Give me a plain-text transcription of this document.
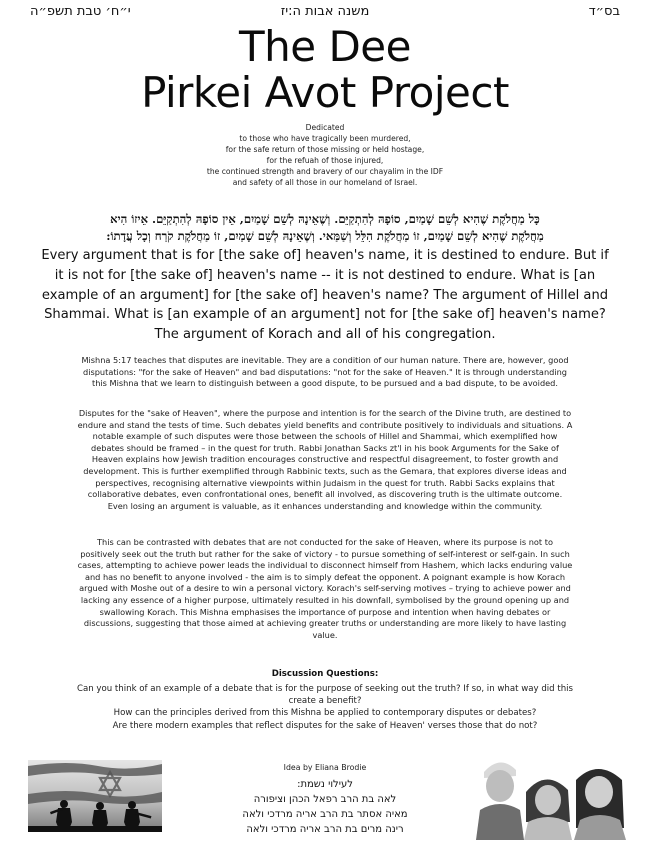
י״ח׳ טבת תשפ״ה	משנה אבות ה:יז	בס״ד
The Dee
Pirkei Avot Project
Dedicated
to those who have tragically been murdered,
for the safe return of those missing or held hostage,
for the refuah of those injured,
the continued strength and bravery of our chayalim in the IDF
and safety of all those in our homeland of Israel.
כָּל מַחֲלֹקֶת שֶׁהִיא לְשֵׁם שָׁמַיִם, סוֹפָהּ לְהִתְקַיֵּם. וְשֶׁאֵינָהּ לְשֵׁם שָׁמַיִם, אֵין סוֹפָהּ לְהִתְקַיֵּם. אֵיזוֹ הִיא
מַחֲלֹקֶת שֶׁהִיא לְשֵׁם שָׁמַיִם, זוֹ מַחֲלֹקֶת הִלֵּל וְשַׁמַּאי. וְשֶׁאֵינָהּ לְשֵׁם שָׁמַיִם, זוֹ מַחֲלֹקֶת קֹרַח וְכָל עֲדָתוֹ:
Every argument that is for [the sake of] heaven's name, it is destined to endure. But if
it is not for [the sake of] heaven's name -- it is not destined to endure. What is [an
example of an argument] for [the sake of] heaven's name? The argument of Hillel and
Shammai. What is [an example of an argument] not for [the sake of] heaven's name?
The argument of Korach and all of his congregation.
Mishna 5:17 teaches that disputes are inevitable. They are a condition of our human nature. There are, however, good
disputations: "for the sake of Heaven" and bad disputations: "not for the sake of Heaven." It is through understanding
this Mishna that we learn to distinguish between a good dispute, to be pursued and a bad dispute, to be avoided.
Disputes for the "sake of Heaven", where the purpose and intention is for the search of the Divine truth, are destined to
endure and stand the tests of time. Such debates yield benefits and contribute positively to individuals and situations. A
notable example of such disputes were those between the schools of Hillel and Shammai, which exemplified how
debates should be framed – in the quest for truth. Rabbi Jonathan Sacks zt'l in his book Arguments for the Sake of
Heaven explains how Jewish tradition encourages constructive and respectful disagreement, to foster growth and
development. This is further exemplified through Rabbinic texts, such as the Gemara, that explores diverse ideas and
perspectives, recognising alternative viewpoints within Judaism in the quest for truth. Rabbi Sacks explains that
collaborative debates, even confrontational ones, benefit all involved, as discovering truth is the ultimate outcome.
Even losing an argument is valuable, as it enhances understanding and knowledge within the community.
This can be contrasted with debates that are not conducted for the sake of Heaven, where its purpose is not to
positively seek out the truth but rather for the sake of victory - to pursue something of self-interest or self-gain. In such
cases, attempting to achieve power leads the individual to disconnect himself from Hashem, which lacks enduring value
and has no benefit to anyone involved - the aim is to simply defeat the opponent. A poignant example is how Korach
argued with Moshe out of a desire to win a personal victory. Korach's self-serving motives – trying to achieve power and
lacking any essence of a higher purpose, ultimately resulted in his downfall, symbolised by the ground opening up and
swallowing Korach. This Mishna emphasises the importance of purpose and intention when having debates or
discussions, suggesting that those aimed at achieving greater truths or understanding are more likely to have lasting
value.
Discussion Questions:
Can you think of an example of a debate that is for the purpose of seeking out the truth? If so, in what way did this
create a benefit?
How can the principles derived from this Mishna be applied to contemporary disputes or debates?
Are there modern examples that reflect disputes for the sake of Heaven' verses those that do not?
Idea by Eliana Brodie
לעילוי נשמת:
לאה בת הרב רפאל הכהן וציפורה
מאיה אסתר בת הרב אריה מרדכי ולאה
רינה מרים בת הרב אריה מרדכי ולאה
